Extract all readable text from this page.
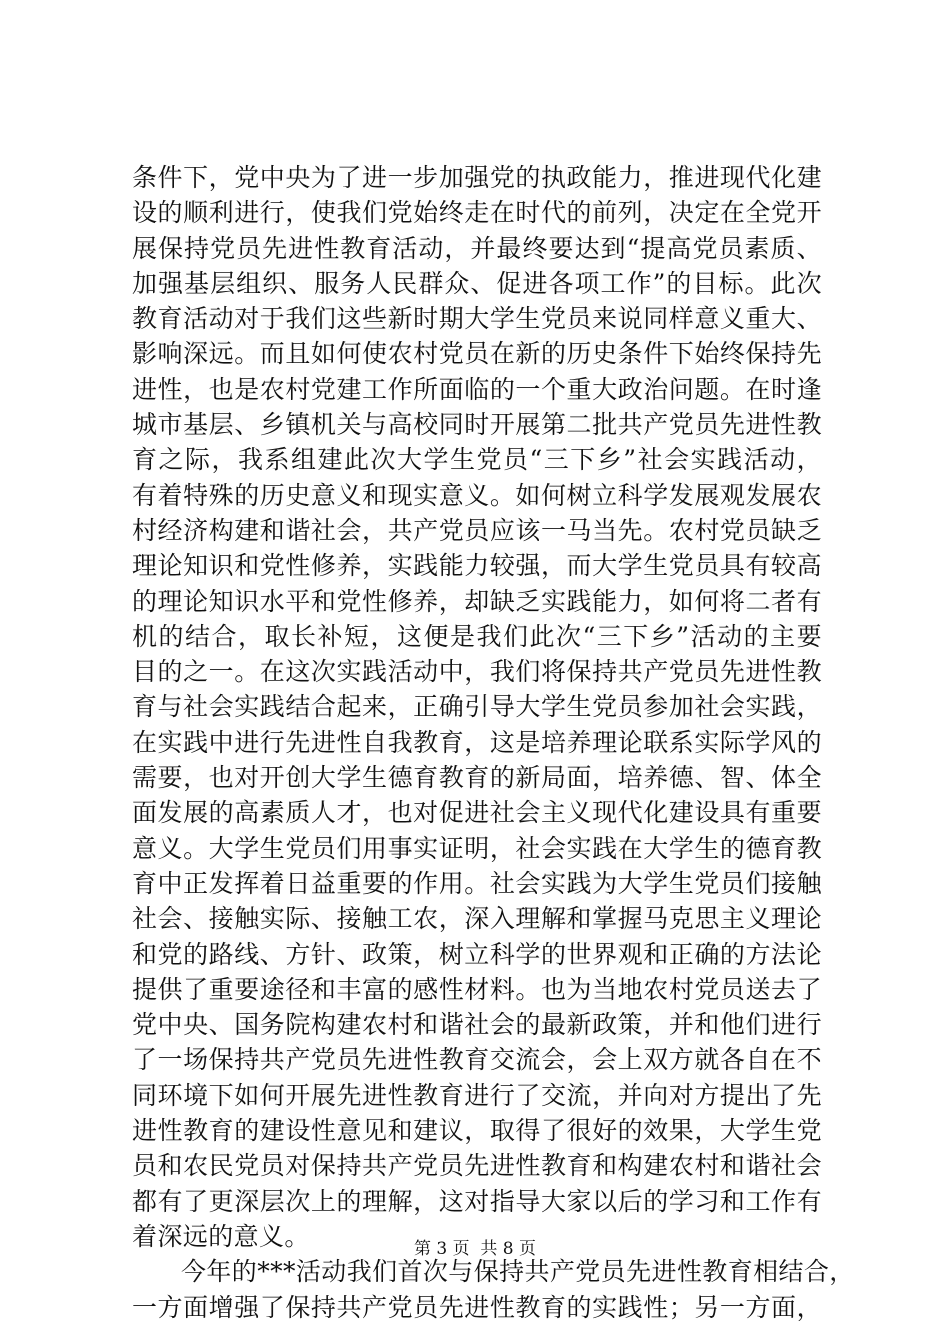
条件下，党中央为了进一步加强党的执政能力，推进现代化建
设的顺利进行，使我们党始终走在时代的前列，决定在全党开
展保持党员先进性教育活动，并最终要达到“提高党员素质、
加强基层组织、服务人民群众、促进各项工作”的目标。此次
教育活动对于我们这些新时期大学生党员来说同样意义重大、
影响深远。而且如何使农村党员在新的历史条件下始终保持先
进性，也是农村党建工作所面临的一个重大政治问题。在时逢
城市基层、乡镇机关与高校同时开展第二批共产党员先进性教
育之际，我系组建此次大学生党员“三下乡”社会实践活动，
有着特殊的历史意义和现实意义。如何树立科学发展观发展农
村经济构建和谐社会，共产党员应该一马当先。农村党员缺乏
理论知识和党性修养，实践能力较强，而大学生党员具有较高
的理论知识水平和党性修养，却缺乏实践能力，如何将二者有
机的结合，取长补短，这便是我们此次“三下乡”活动的主要
目的之一。在这次实践活动中，我们将保持共产党员先进性教
育与社会实践结合起来，正确引导大学生党员参加社会实践，
在实践中进行先进性自我教育，这是培养理论联系实际学风的
需要，也对开创大学生德育教育的新局面，培养德、智、体全
面发展的高素质人才，也对促进社会主义现代化建设具有重要
意义。大学生党员们用事实证明，社会实践在大学生的德育教
育中正发挥着日益重要的作用。社会实践为大学生党员们接触
社会、接触实际、接触工农，深入理解和掌握马克思主义理论
和党的路线、方针、政策，树立科学的世界观和正确的方法论
提供了重要途径和丰富的感性材料。也为当地农村党员送去了
党中央、国务院构建农村和谐社会的最新政策，并和他们进行
了一场保持共产党员先进性教育交流会，会上双方就各自在不
同环境下如何开展先进性教育进行了交流，并向对方提出了先
进性教育的建设性意见和建议，取得了很好的效果，大学生党
员和农民党员对保持共产党员先进性教育和构建农村和谐社会
都有了更深层次上的理解，这对指导大家以后的学习和工作有
着深远的意义。
今年的***活动我们首次与保持共产党员先进性教育相结合，
一方面增强了保持共产党员先进性教育的实践性；另一方面，
第 3 页  共 8 页
